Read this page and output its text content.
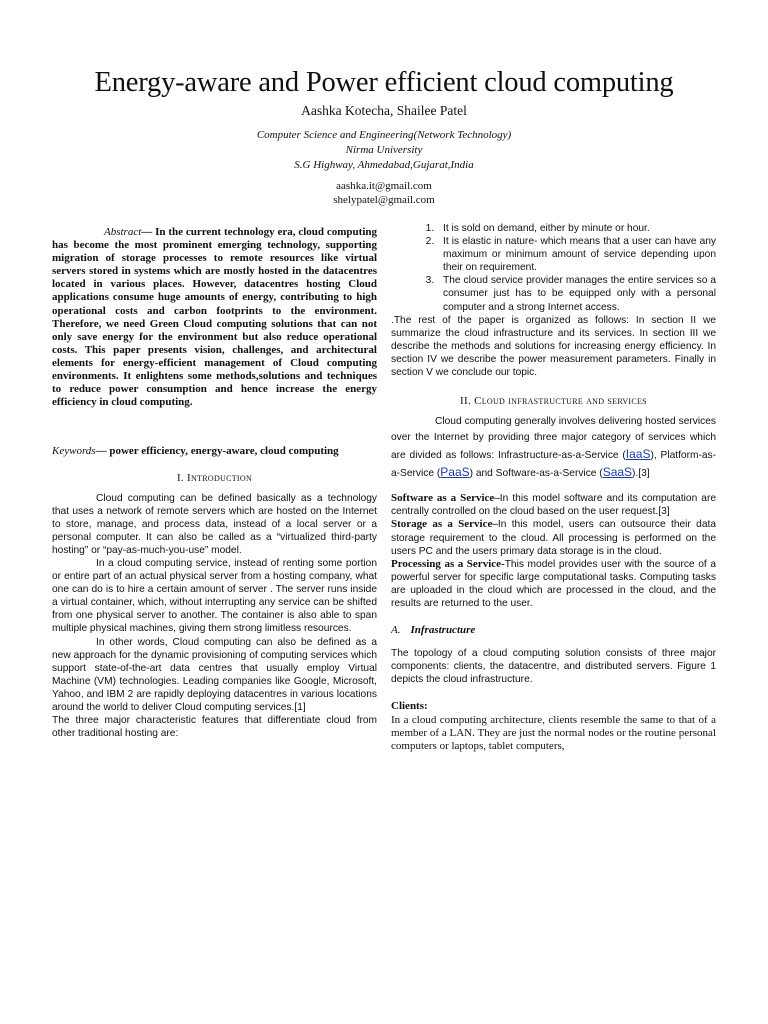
Energy-aware and Power efficient cloud computing
Aashka Kotecha, Shailee Patel
Computer Science and Engineering(Network Technology)
Nirma University
S.G Highway, Ahmedabad,Gujarat,India
aashka.it@gmail.com
shelypatel@gmail.com

Abstract— In the current technology era, cloud computing has become the most prominent emerging technology, supporting migration of storage processes to remote resources like virtual servers stored in systems which are mostly hosted in the datacentres located in various places. However, datacentres hosting Cloud applications consume huge amounts of energy, contributing to high operational costs and carbon footprints to the environment. Therefore, we need Green Cloud computing solutions that can not only save energy for the environment but also reduce operational costs. This paper presents vision, challenges, and architectural elements for energy-efficient management of Cloud computing environments. It enlightens some methods,solutions and techniques to reduce power consumption and hence increase the energy efficiency in cloud computing.

Keywords— power efficiency, energy-aware, cloud computing

I. Introduction

Cloud computing can be defined basically as a technology that uses a network of remote servers which are hosted on the Internet to store, manage, and process data, instead of a local server or a personal computer. It can also be called as a “virtualized third-party hosting” or “pay-as-much-you-use” model.

In a cloud computing service, instead of renting some portion or entire part of an actual physical server from a hosting company, what one can do is to hire a certain amount of server . The server runs inside a virtual container, which, without interrupting any service can be shifted from one physical server to another. The container is also able to span multiple physical machines, giving them strong limitless resources.

In other words, Cloud computing can also be defined as a new approach for the dynamic provisioning of computing services which support state-of-the-art data centres that usually employ Virtual Machine (VM) technologies. Leading companies like Google, Microsoft, Yahoo, and IBM 2 are rapidly deploying datacentres in various locations around the world to deliver Cloud computing services.[1]

The three major characteristic features that differentiate cloud from other traditional hosting are:

1. It is sold on demand, either by minute or hour.
2. It is elastic in nature- which means that a user can have any maximum or minimum amount of service depending upon their on requirement.
3. The cloud service provider manages the entire services so a consumer just has to be equipped only with a personal computer and a strong Internet access.

.The rest of the paper is organized as follows: In section II we summarize the cloud infrastructure and its services. In section III we describe the methods and solutions for increasing energy efficiency. In section IV we describe the power measurement parameters. Finally in section V we conclude our topic.

II. Cloud infrastructure and services

Cloud computing generally involves delivering hosted services over the Internet by providing three major category of services which are divided as follows: Infrastructure-as-a-Service (IaaS), Platform-as-a-Service (PaaS) and Software-as-a-Service (SaaS).[3]

Software as a Service–In this model software and its computation are centrally controlled on the cloud based on the user request.[3]

Storage as a Service–In this model, users can outsource their data storage requirement to the cloud. All processing is performed on the users PC and the users primary data storage is in the cloud.

Processing as a Service-This model provides user with the source of a powerful server for specific large computational tasks. Computing tasks are uploaded in the cloud which are processed in the cloud, and the results are returned to the user.

A. Infrastructure

The topology of a cloud computing solution consists of three major components: clients, the datacentre, and distributed servers. Figure 1 depicts the cloud infrastructure.

Clients:

In a cloud computing architecture, clients resemble the same to that of a member of a LAN. They are just the normal nodes or the routine personal computers or laptops, tablet computers,
